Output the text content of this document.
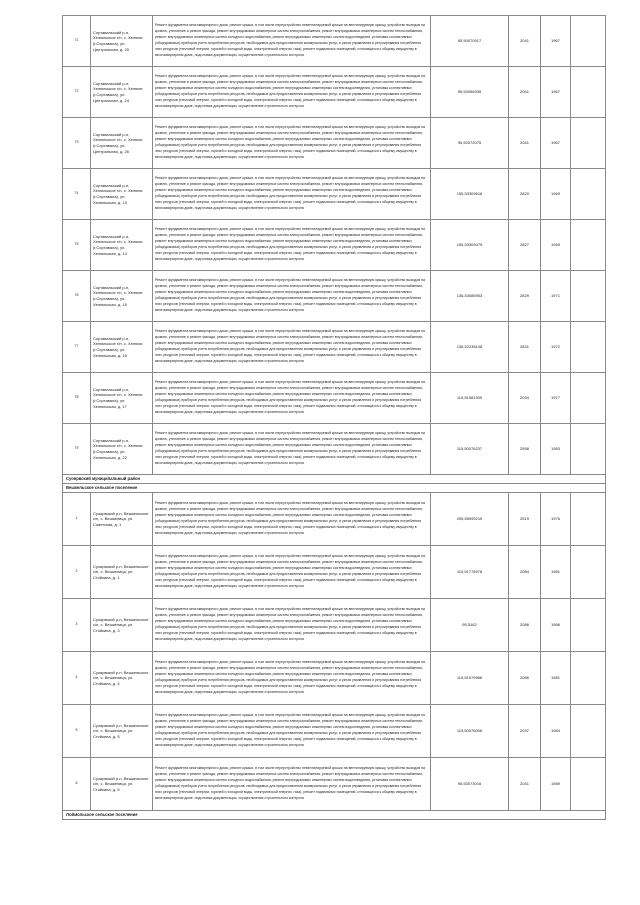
71	Сортавальский р-н, Хелюльское г/п, с. Хелюля (г.Сортавала), ул. Центральная, д. 25	Ремонт фундамента многоквартирного дома, ремонт крыши, в том числе переустройство невентилируемой крыши на вентилируемую крышу, устройство выходов на кровлю, утепление и ремонт фасада, ремонт внутридомовых инженерных систем электроснабжения, ремонт внутридомовых инженерных систем теплоснабжения, ремонт внутридомовых инженерных систем холодного водоснабжения, ремонт внутридомовых инженерных систем водоотведения, установка коллективных (общедомовых) приборов учета потребления ресурсов, необходимых для предоставления коммунальных услуг, и узлов управления и регулирования потребления этих ресурсов (тепловой энергии, горячей и холодной воды, электрической энергии, газа), ремонт подвальных помещений, относящихся к общему имуществу в многоквартирном доме, подготовка документации, осуществление строительного контроля	95,50070917	2041	1967	
72	Сортавальский р-н, Хелюльское г/п, с. Хелюля (г.Сортавала), ул. Центральная, д. 24	Ремонт фундамента многоквартирного дома, ремонт крыши, в том числе переустройство невентилируемой крыши на вентилируемую крышу, устройство выходов на кровлю, утепление и ремонт фасада, ремонт внутридомовых инженерных систем электроснабжения, ремонт внутридомовых инженерных систем теплоснабжения, ремонт внутридомовых инженерных систем холодного водоснабжения, ремонт внутридомовых инженерных систем водоотведения, установка коллективных (общедомовых) приборов учета потребления ресурсов, необходимых для предоставления коммунальных услуг, и узлов управления и регулирования потребления этих ресурсов (тепловой энергии, горячей и холодной воды, электрической энергии, газа), ремонт подвальных помещений, относящихся к общему имуществу в многоквартирном доме, подготовка документации, осуществление строительного контроля	95,50056935	2041	1967	
73	Сортавальский р-н, Хелюльское г/п, с. Хелюля (г.Сортавала), ул. Центральная, д. 26	Ремонт фундамента многоквартирного дома, ремонт крыши, в том числе переустройство невентилируемой крыши на вентилируемую крышу, устройство выходов на кровлю, утепление и ремонт фасада, ремонт внутридомовых инженерных систем электроснабжения, ремонт внутридомовых инженерных систем теплоснабжения, ремонт внутридомовых инженерных систем холодного водоснабжения, ремонт внутридомовых инженерных систем водоотведения, установка коллективных (общедомовых) приборов учета потребления ресурсов, необходимых для предоставления коммунальных услуг, и узлов управления и регулирования потребления этих ресурсов (тепловой энергии, горячей и холодной воды, электрической энергии, газа), ремонт подвальных помещений, относящихся к общему имуществу в многоквартирном доме, подготовка документации, осуществление строительного контроля	95,50072075	2041	1967	
74	Сортавальский р-н, Хелюльское г/п, с. Хелюля (г.Сортавала), ул. Хелюльская, д. 13	Ремонт фундамента многоквартирного дома, ремонт крыши, в том числе переустройство невентилируемой крыши на вентилируемую крышу, устройство выходов на кровлю, утепление и ремонт фасада, ремонт внутридомовых инженерных систем электроснабжения, ремонт внутридомовых инженерных систем теплоснабжения, ремонт внутридомовых инженерных систем холодного водоснабжения, ремонт внутридомовых инженерных систем водоотведения, установка коллективных (общедомовых) приборов учета потребления ресурсов, необходимых для предоставления коммунальных услуг, и узлов управления и регулирования потребления этих ресурсов (тепловой энергии, горячей и холодной воды, электрической энергии, газа), ремонт подвальных помещений, относящихся к общему имуществу в многоквартирном доме, подготовка документации, осуществление строительного контроля	155,53309618	2820	1969	
75	Сортавальский р-н, Хелюльское г/п, с. Хелюля (г.Сортавала), ул. Хелюльская, д. 14	Ремонт фундамента многоквартирного дома, ремонт крыши, в том числе переустройство невентилируемой крыши на вентилируемую крышу, устройство выходов на кровлю, утепление и ремонт фасада, ремонт внутридомовых инженерных систем электроснабжения, ремонт внутридомовых инженерных систем теплоснабжения, ремонт внутридомовых инженерных систем холодного водоснабжения, ремонт внутридомовых инженерных систем водоотведения, установка коллективных (общедомовых) приборов учета потребления ресурсов, необходимых для предоставления коммунальных услуг, и узлов управления и регулирования потребления этих ресурсов (тепловой энергии, горячей и холодной воды, электрической энергии, газа), ремонт подвальных помещений, относящихся к общему имуществу в многоквартирном доме, подготовка документации, осуществление строительного контроля	155,53309475	2827	1969	
76	Сортавальский р-н, Хелюльское г/п, с. Хелюля (г.Сортавала), ул. Хелюльская, д. 15	Ремонт фундамента многоквартирного дома, ремонт крыши, в том числе переустройство невентилируемой крыши на вентилируемую крышу, устройство выходов на кровлю, утепление и ремонт фасада, ремонт внутридомовых инженерных систем электроснабжения, ремонт внутридомовых инженерных систем теплоснабжения, ремонт внутридомовых инженерных систем холодного водоснабжения, ремонт внутридомовых инженерных систем водоотведения, установка коллективных (общедомовых) приборов учета потребления ресурсов, необходимых для предоставления коммунальных услуг, и узлов управления и регулирования потребления этих ресурсов (тепловой энергии, горячей и холодной воды, электрической энергии, газа), ремонт подвальных помещений, относящихся к общему имуществу в многоквартирном доме, подготовка документации, осуществление строительного контроля	136,53085903	2829	1971	
77	Сортавальский р-н, Хелюльское г/п, с. Хелюля (г.Сортавала), ул. Хелюльская, д. 16	Ремонт фундамента многоквартирного дома, ремонт крыши, в том числе переустройство невентилируемой крыши на вентилируемую крышу, устройство выходов на кровлю, утепление и ремонт фасада, ремонт внутридомовых инженерных систем электроснабжения, ремонт внутридомовых инженерных систем теплоснабжения, ремонт внутридомовых инженерных систем холодного водоснабжения, ремонт внутридомовых инженерных систем водоотведения, установка коллективных (общедомовых) приборов учета потребления ресурсов, необходимых для предоставления коммунальных услуг, и узлов управления и регулирования потребления этих ресурсов (тепловой энергии, горячей и холодной воды, электрической энергии, газа), ремонт подвальных помещений, относящихся к общему имуществу в многоквартирном доме, подготовка документации, осуществление строительного контроля	136,52238108	2831	1972	
78	Сортавальский р-н, Хелюльское г/п, с. Хелюля (г.Сортавала), ул. Хелюльская, д. 17	Ремонт фундамента многоквартирного дома, ремонт крыши, в том числе переустройство невентилируемой крыши на вентилируемую крышу, устройство выходов на кровлю, утепление и ремонт фасада, ремонт внутридомовых инженерных систем электроснабжения, ремонт внутридомовых инженерных систем теплоснабжения, ремонт внутридомовых инженерных систем холодного водоснабжения, ремонт внутридомовых инженерных систем водоотведения, установка коллективных (общедомовых) приборов учета потребления ресурсов, необходимых для предоставления коммунальных услуг, и узлов управления и регулирования потребления этих ресурсов (тепловой энергии, горячей и холодной воды, электрической энергии, газа), ремонт подвальных помещений, относящихся к общему имуществу в многоквартирном доме, подготовка документации, осуществление строительного контроля	115,51981309	2034	1977	
79	Сортавальский р-н, Хелюльское г/п, с. Хелюля (г.Сортавала), ул. Хелюльская, д. 22	Ремонт фундамента многоквартирного дома, ремонт крыши, в том числе переустройство невентилируемой крыши на вентилируемую крышу, устройство выходов на кровлю, утепление и ремонт фасада, ремонт внутридомовых инженерных систем электроснабжения, ремонт внутридомовых инженерных систем теплоснабжения, ремонт внутридомовых инженерных систем холодного водоснабжения, ремонт внутридомовых инженерных систем водоотведения, установка коллективных (общедомовых) приборов учета потребления ресурсов, необходимых для предоставления коммунальных услуг, и узлов управления и регулирования потребления этих ресурсов (тепловой энергии, горячей и холодной воды, электрической энергии, газа), ремонт подвальных помещений, относящихся к общему имуществу в многоквартирном доме, подготовка документации, осуществление строительного контроля	115,50076237	2598	1983	
Суоярвский муниципальный район						
Вешкельское сельское поселение						
1	Суоярвский р-н, Вешкельское с/п, с. Вешкелица, ул. Советская, д. 1	Ремонт фундамента многоквартирного дома, ремонт крыши, в том числе переустройство невентилируемой крыши на вентилируемую крышу, устройство выходов на кровлю, утепление и ремонт фасада, ремонт внутридомовых инженерных систем электроснабжения, ремонт внутридомовых инженерных систем теплоснабжения, ремонт внутридомовых инженерных систем холодного водоснабжения, ремонт внутридомовых инженерных систем водоотведения, установка коллективных (общедомовых) приборов учета потребления ресурсов, необходимых для предоставления коммунальных услуг, и узлов управления и регулирования потребления этих ресурсов (тепловой энергии, горячей и холодной воды, электрической энергии, газа), ремонт подвальных помещений, относящихся к общему имуществу в многоквартирном доме, подготовка документации, осуществление строительного контроля	205,55995215	2519	1976	
2	Суоярвский р-н, Вешкельское с/п, с. Вешкелица, ул. Стойкина, д. 1	Ремонт фундамента многоквартирного дома, ремонт крыши, в том числе переустройство невентилируемой крыши на вентилируемую крышу, устройство выходов на кровлю, утепление и ремонт фасада, ремонт внутридомовых инженерных систем электроснабжения, ремонт внутридомовых инженерных систем теплоснабжения, ремонт внутридомовых инженерных систем холодного водоснабжения, ремонт внутридомовых инженерных систем водоотведения, установка коллективных (общедомовых) приборов учета потребления ресурсов, необходимых для предоставления коммунальных услуг, и узлов управления и регулирования потребления этих ресурсов (тепловой энергии, горячей и холодной воды, электрической энергии, газа), ремонт подвальных помещений, относящихся к общему имуществу в многоквартирном доме, подготовка документации, осуществление строительного контроля	115,51778978	2084	1981	
3	Суоярвский р-н, Вешкельское с/п, с. Вешкелица, ул. Стойкина, д. 3	Ремонт фундамента многоквартирного дома, ремонт крыши, в том числе переустройство невентилируемой крыши на вентилируемую крышу, устройство выходов на кровлю, утепление и ремонт фасада, ремонт внутридомовых инженерных систем электроснабжения, ремонт внутридомовых инженерных систем теплоснабжения, ремонт внутридомовых инженерных систем холодного водоснабжения, ремонт внутридомовых инженерных систем водоотведения, установка коллективных (общедомовых) приборов учета потребления ресурсов, необходимых для предоставления коммунальных услуг, и узлов управления и регулирования потребления этих ресурсов (тепловой энергии, горячей и холодной воды, электрической энергии, газа), ремонт подвальных помещений, относящихся к общему имуществу в многоквартирном доме, подготовка документации, осуществление строительного контроля	95,5162	2086	1986	
4	Суоярвский р-н, Вешкельское с/п, с. Вешкелица, ул. Стойкина, д. 4	Ремонт фундамента многоквартирного дома, ремонт крыши, в том числе переустройство невентилируемой крыши на вентилируемую крышу, устройство выходов на кровлю, утепление и ремонт фасада, ремонт внутридомовых инженерных систем электроснабжения, ремонт внутридомовых инженерных систем теплоснабжения, ремонт внутридомовых инженерных систем холодного водоснабжения, ремонт внутридомовых инженерных систем водоотведения, установка коллективных (общедомовых) приборов учета потребления ресурсов, необходимых для предоставления коммунальных услуг, и узлов управления и регулирования потребления этих ресурсов (тепловой энергии, горячей и холодной воды, электрической энергии, газа), ремонт подвальных помещений, относящихся к общему имуществу в многоквартирном доме, подготовка документации, осуществление строительного контроля	115,51579986	2086	1981	
5	Суоярвский р-н, Вешкельское с/п, с. Вешкелица, ул. Стойкина, д. 5	Ремонт фундамента многоквартирного дома, ремонт крыши, в том числе переустройство невентилируемой крыши на вентилируемую крышу, устройство выходов на кровлю, утепление и ремонт фасада, ремонт внутридомовых инженерных систем электроснабжения, ремонт внутридомовых инженерных систем теплоснабжения, ремонт внутридомовых инженерных систем холодного водоснабжения, ремонт внутридомовых инженерных систем водоотведения, установка коллективных (общедомовых) приборов учета потребления ресурсов, необходимых для предоставления коммунальных услуг, и узлов управления и регулирования потребления этих ресурсов (тепловой энергии, горячей и холодной воды, электрической энергии, газа), ремонт подвальных помещений, относящихся к общему имуществу в многоквартирном доме, подготовка документации, осуществление строительного контроля	115,50576006	2037	1984	
6	Суоярвский р-н, Вешкельское с/п, с. Вешкелица, ул. Стойкина, д. 6	Ремонт фундамента многоквартирного дома, ремонт крыши, в том числе переустройство невентилируемой крыши на вентилируемую крышу, устройство выходов на кровлю, утепление и ремонт фасада, ремонт внутридомовых инженерных систем электроснабжения, ремонт внутридомовых инженерных систем теплоснабжения, ремонт внутридомовых инженерных систем холодного водоснабжения, ремонт внутридомовых инженерных систем водоотведения, установка коллективных (общедомовых) приборов учета потребления ресурсов, необходимых для предоставления коммунальных услуг, и узлов управления и регулирования потребления этих ресурсов (тепловой энергии, горячей и холодной воды, электрической энергии, газа), ремонт подвальных помещений, относящихся к общему имуществу в многоквартирном доме, подготовка документации, осуществление строительного контроля	95,50073016	2041	1989	
Лоймольское сельское поселение						
